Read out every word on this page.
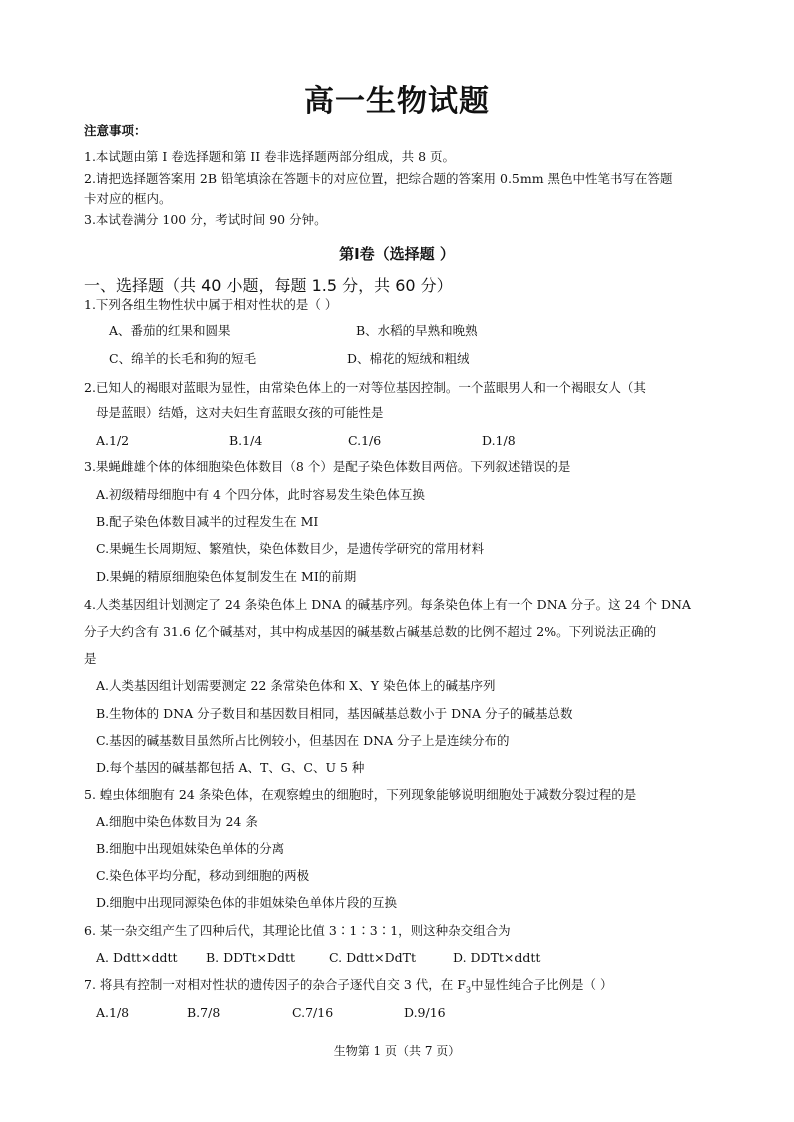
高一生物试题
注意事项：
1.本试题由第 I 卷选择题和第 II 卷非选择题两部分组成，共 8 页。
2.请把选择题答案用 2B 铅笔填涂在答题卡的对应位置，把综合题的答案用 0.5mm 黑色中性笔书写在答题
卡对应的框内。
3.本试卷满分 100 分，考试时间 90 分钟。
第Ⅰ卷（选择题 ）
一、选择题（共 40 小题，每题 1.5 分，共 60 分）
1.下列各组生物性状中属于相对性状的是（ ）
A、番茄的红果和圆果	B、水稻的早熟和晚熟
C、绵羊的长毛和狗的短毛	D、棉花的短绒和粗绒
2.已知人的褐眼对蓝眼为显性，由常染色体上的一对等位基因控制。一个蓝眼男人和一个褐眼女人（其
母是蓝眼）结婚，这对夫妇生育蓝眼女孩的可能性是
A.1/2	B.1/4	C.1/6	D.1/8
3.果蝇雌雄个体的体细胞染色体数目（8 个）是配子染色体数目两倍。下列叙述错误的是
A.初级精母细胞中有 4 个四分体，此时容易发生染色体互换
B.配子染色体数目减半的过程发生在 MⅠ
C.果蝇生长周期短、繁殖快，染色体数目少，是遗传学研究的常用材料
D.果蝇的精原细胞染色体复制发生在 MⅠ的前期
4.人类基因组计划测定了 24 条染色体上 DNA 的碱基序列。每条染色体上有一个 DNA 分子。这 24 个 DNA
分子大约含有 31.6 亿个碱基对，其中构成基因的碱基数占碱基总数的比例不超过 2%。下列说法正确的
是
A.人类基因组计划需要测定 22 条常染色体和 X、Y 染色体上的碱基序列
B.生物体的 DNA 分子数目和基因数目相同，基因碱基总数小于 DNA 分子的碱基总数
C.基因的碱基数目虽然所占比例较小，但基因在 DNA 分子上是连续分布的
D.每个基因的碱基都包括 A、T、G、C、U 5 种
5. 蝗虫体细胞有 24 条染色体，在观察蝗虫的细胞时，下列现象能够说明细胞处于减数分裂过程的是
A.细胞中染色体数目为 24 条
B.细胞中出现姐妹染色单体的分离
C.染色体平均分配，移动到细胞的两极
D.细胞中出现同源染色体的非姐妹染色单体片段的互换
6. 某一杂交组产生了四种后代，其理论比值 3∶1∶3∶1，则这种杂交组合为
A. Ddtt×ddtt B. DDTt×Ddtt	C. Ddtt×DdTt	D. DDTt×ddtt
7. 将具有控制一对相对性状的遗传因子的杂合子逐代自交 3 代，在 $F_3$中显性纯合子比例是（ ）
A.1/8	B.7/8	C.7/16	D.9/16
生物第 1 页（共 7 页）
